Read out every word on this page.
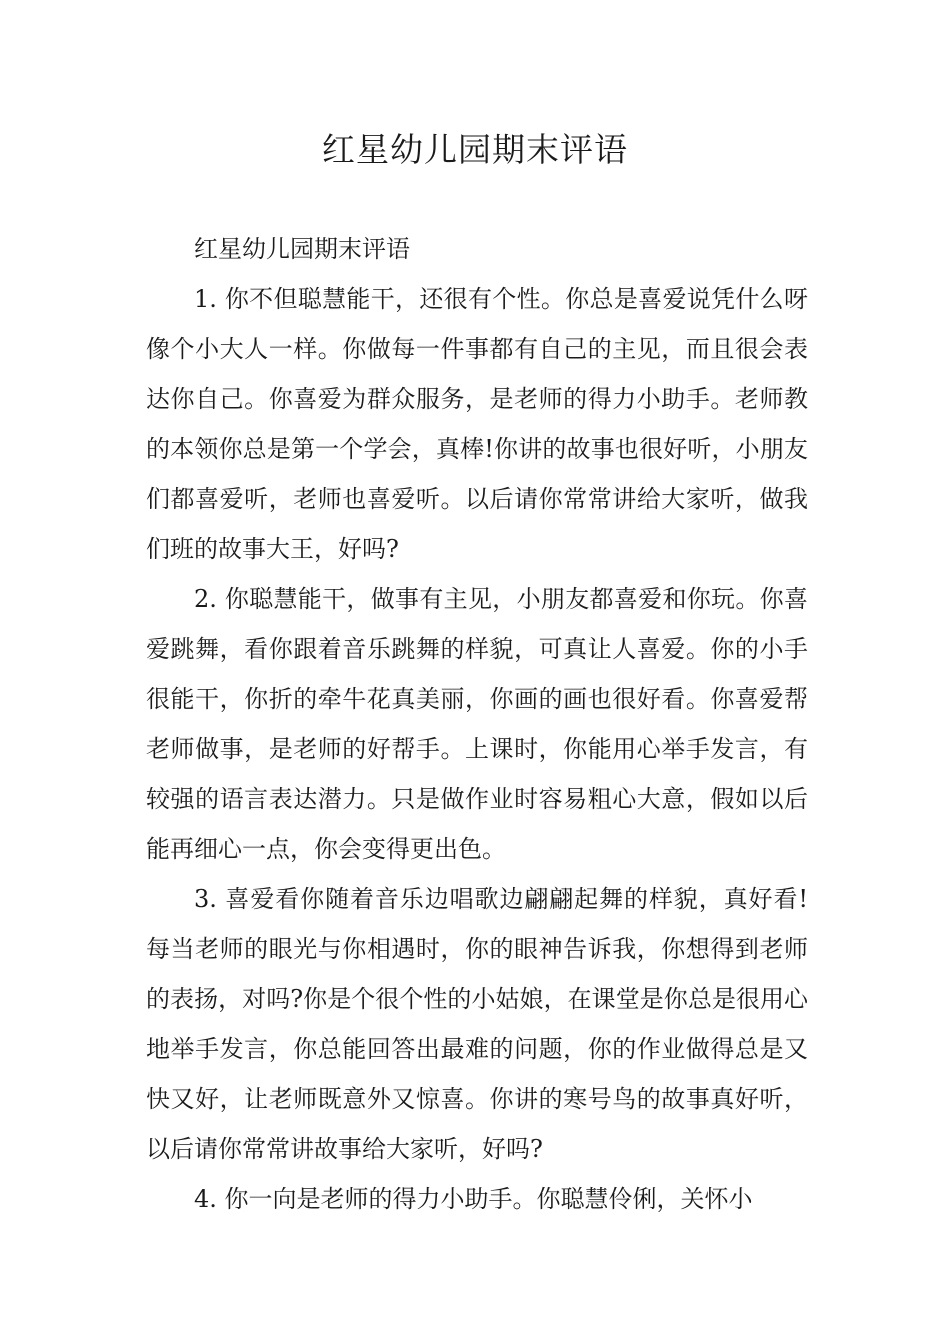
红星幼儿园期末评语

红星幼儿园期末评语

1. 你不但聪慧能干，还很有个性。你总是喜爱说凭什么呀像个小大人一样。你做每一件事都有自己的主见，而且很会表达你自己。你喜爱为群众服务，是老师的得力小助手。老师教的本领你总是第一个学会，真棒!你讲的故事也很好听，小朋友们都喜爱听，老师也喜爱听。以后请你常常讲给大家听，做我们班的故事大王，好吗?

2. 你聪慧能干，做事有主见，小朋友都喜爱和你玩。你喜爱跳舞，看你跟着音乐跳舞的样貌，可真让人喜爱。你的小手很能干，你折的牵牛花真美丽，你画的画也很好看。你喜爱帮老师做事，是老师的好帮手。上课时，你能用心举手发言，有较强的语言表达潜力。只是做作业时容易粗心大意，假如以后能再细心一点，你会变得更出色。

3. 喜爱看你随着音乐边唱歌边翩翩起舞的样貌，真好看!每当老师的眼光与你相遇时，你的眼神告诉我，你想得到老师的表扬，对吗?你是个很个性的小姑娘，在课堂是你总是很用心地举手发言，你总能回答出最难的问题，你的作业做得总是又快又好，让老师既意外又惊喜。你讲的寒号鸟的故事真好听，以后请你常常讲故事给大家听，好吗?

4. 你一向是老师的得力小助手。你聪慧伶俐，关怀小
